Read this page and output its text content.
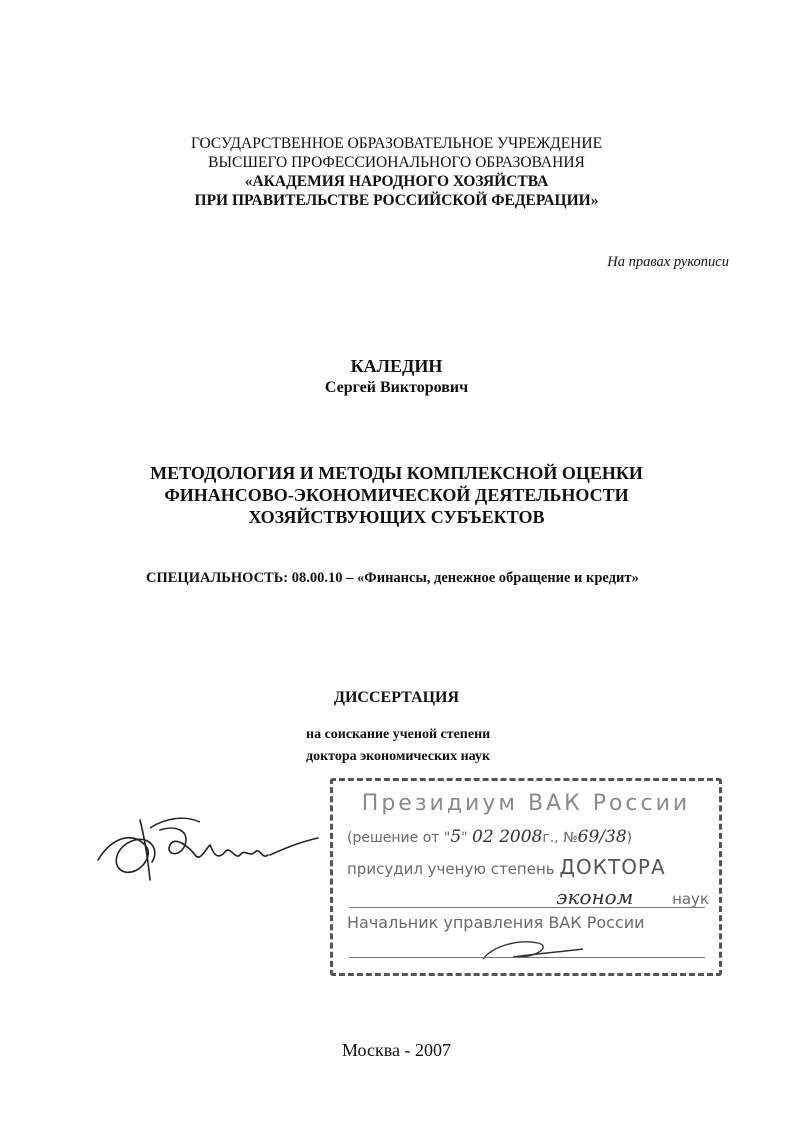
ГОСУДАРСТВЕННОЕ ОБРАЗОВАТЕЛЬНОЕ УЧРЕЖДЕНИЕ
ВЫСШЕГО ПРОФЕССИОНАЛЬНОГО ОБРАЗОВАНИЯ
«АКАДЕМИЯ НАРОДНОГО ХОЗЯЙСТВА
ПРИ ПРАВИТЕЛЬСТВЕ РОССИЙСКОЙ ФЕДЕРАЦИИ»
На правах рукописи
КАЛЕДИН
Сергей Викторович
МЕТОДОЛОГИЯ И МЕТОДЫ КОМПЛЕКСНОЙ ОЦЕНКИ
ФИНАНСОВО-ЭКОНОМИЧЕСКОЙ ДЕЯТЕЛЬНОСТИ
ХОЗЯЙСТВУЮЩИХ СУБЪЕКТОВ
СПЕЦИАЛЬНОСТЬ: 08.00.10 – «Финансы, денежное обращение и кредит»
ДИССЕРТАЦИЯ
на соискание ученой степени
доктора экономических наук
Президиум ВАК России
(решение от "5" 02 2008г., №69/38)
присудил ученую степень ДОКТОРА
эконом	наук
Начальник управления ВАК России
Москва - 2007
